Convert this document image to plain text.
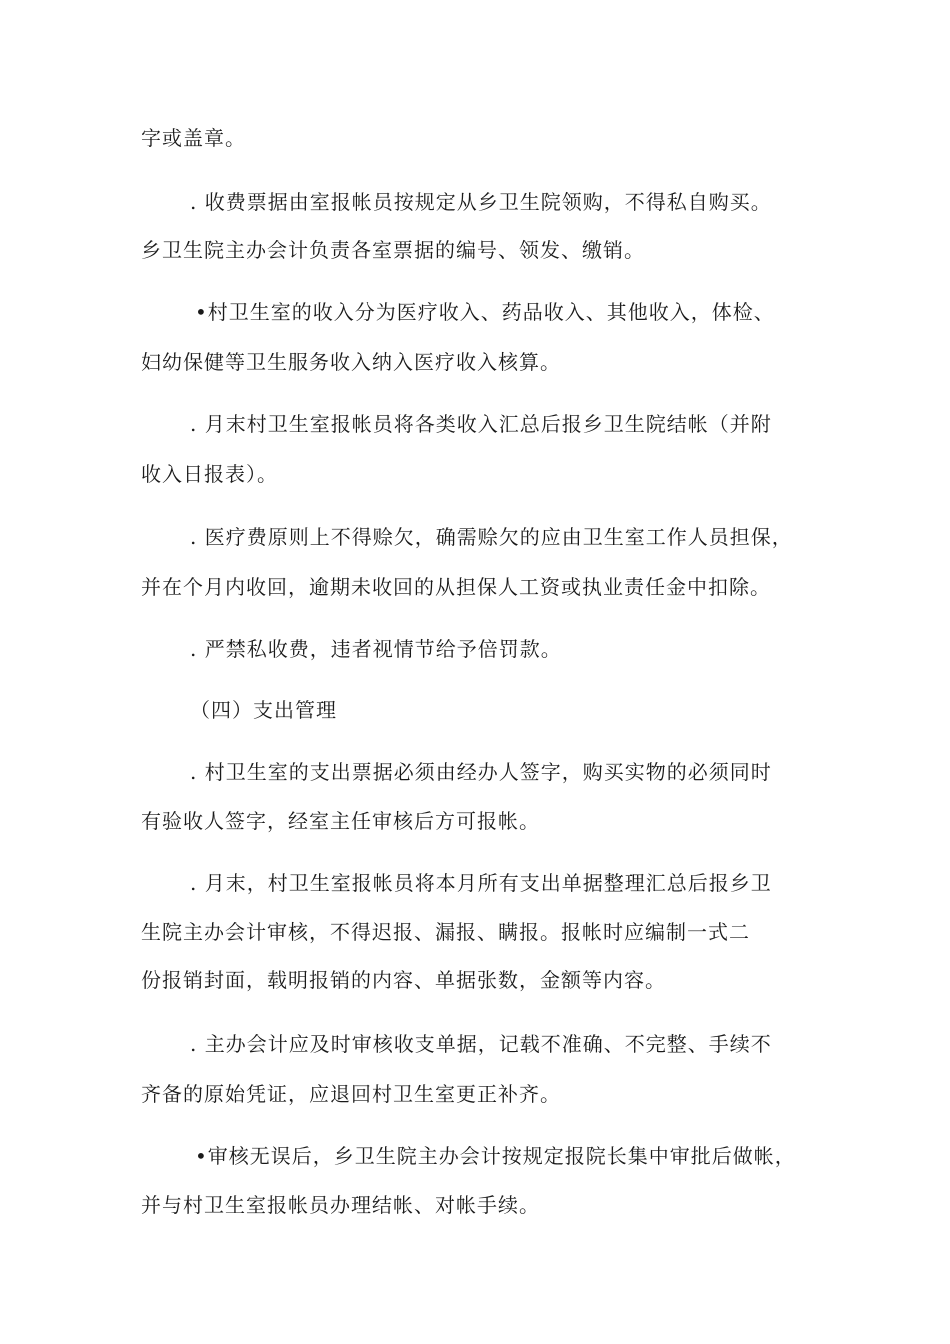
字或盖章。
. 收费票据由室报帐员按规定从乡卫生院领购，不得私自购买。
乡卫生院主办会计负责各室票据的编号、领发、缴销。
•村卫生室的收入分为医疗收入、药品收入、其他收入，体检、
妇幼保健等卫生服务收入纳入医疗收入核算。
. 月末村卫生室报帐员将各类收入汇总后报乡卫生院结帐（并附
收入日报表）。
. 医疗费原则上不得赊欠，确需赊欠的应由卫生室工作人员担保，
并在个月内收回，逾期未收回的从担保人工资或执业责任金中扣除。
. 严禁私收费，违者视情节给予倍罚款。
（四）支出管理
. 村卫生室的支出票据必须由经办人签字，购买实物的必须同时
有验收人签字，经室主任审核后方可报帐。
. 月末，村卫生室报帐员将本月所有支出单据整理汇总后报乡卫
生院主办会计审核，不得迟报、漏报、瞒报。报帐时应编制一式二
份报销封面，载明报销的内容、单据张数，金额等内容。
. 主办会计应及时审核收支单据，记载不准确、不完整、手续不
齐备的原始凭证，应退回村卫生室更正补齐。
•审核无误后，乡卫生院主办会计按规定报院长集中审批后做帐，
并与村卫生室报帐员办理结帐、对帐手续。
